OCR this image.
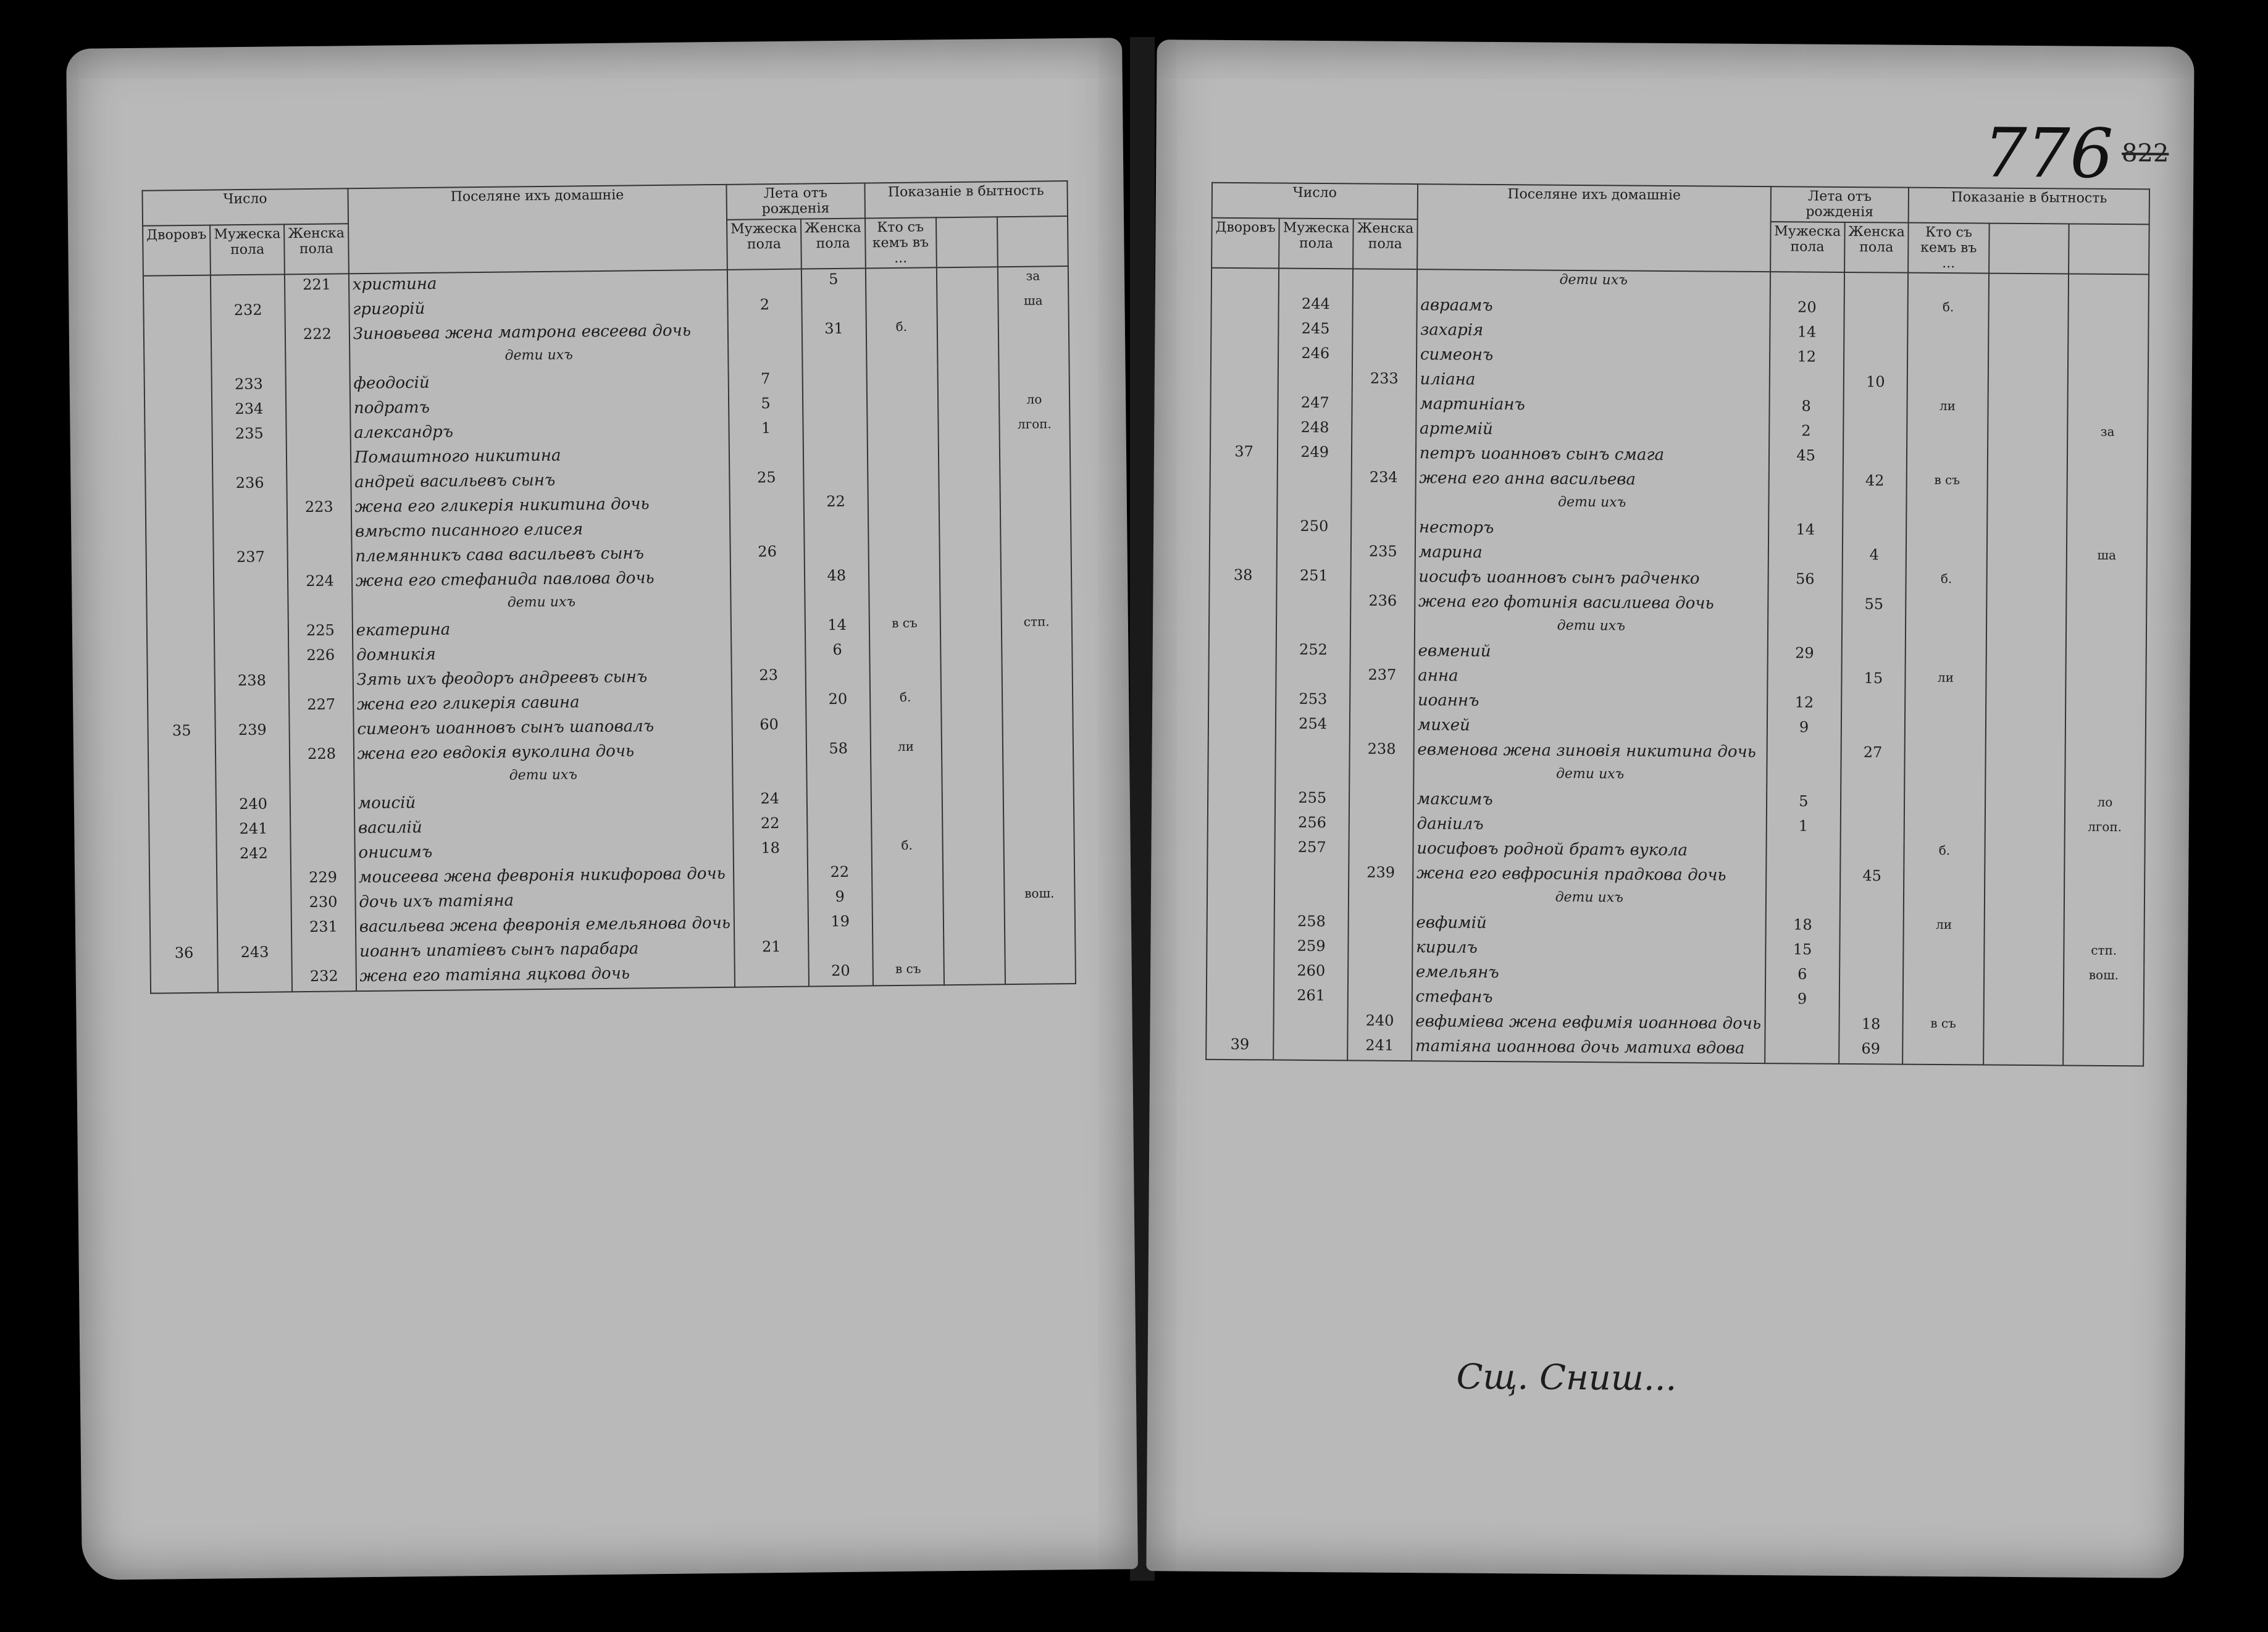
Число			Поселяне ихъ домашніе	Лета отъ рожденія		Показаніе в бытность		
Дворовъ	Мужеска пола	Женска пола		Мужеска пола	Женска пола	Кто съ кемъ въ ...		
		221	христина		5			за
	232		григорій	2				ша
		222	Зиновьева жена матрона евсеева дочь		31	б.		
			дети ихъ					
	233		феодосій	7				
	234		подратъ	5				ло
	235		александръ	1				лгоп.
			Помаштного никитина					
	236		андрей васильевъ сынъ	25				
		223	жена его гликерія никитина дочь		22			
			вмѣсто писанного елисея					
	237		племянникъ сава васильевъ сынъ	26				
		224	жена его стефанида павлова дочь		48			
			дети ихъ					
		225	екатерина		14	в съ		стп.
		226	домникія		6			
	238		Зять ихъ феодоръ андреевъ сынъ	23				
		227	жена его гликерія савина		20	б.		
35	239		симеонъ иоанновъ сынъ шаповалъ	60				
		228	жена его евдокія вуколина дочь		58	ли		
			дети ихъ					
	240		моисій	24				
	241		василій	22				
	242		онисимъ	18		б.		
		229	моисеева жена февронія никифорова дочь		22			
		230	дочь ихъ татіяна		9			вош.
		231	васильева жена февронія емельянова дочь		19			
36	243		иоаннъ ипатіевъ сынъ парабара	21				
		232	жена его татіяна яцкова дочь		20	в съ		
776 822
Число			Поселяне ихъ домашніе	Лета отъ рожденія		Показаніе в бытность		
Дворовъ	Мужеска пола	Женска пола		Мужеска пола	Женска пола	Кто съ кемъ въ ...		
			дети ихъ					
	244		авраамъ	20		б.		
	245		захарія	14				
	246		симеонъ	12				
		233	иліана		10			
	247		мартиніанъ	8		ли		
	248		артемій	2				за
37	249		петръ иоанновъ сынъ смага	45				
		234	жена его анна васильева		42	в съ		
			дети ихъ					
	250		несторъ	14				
		235	марина		4			ша
38	251		иосифъ иоанновъ сынъ радченко	56		б.		
		236	жена его фотинія василиева дочь		55			
			дети ихъ					
	252		евмений	29				
		237	анна		15	ли		
	253		иоаннъ	12				
	254		михей	9				
		238	евменова жена зиновія никитина дочь		27			
			дети ихъ					
	255		максимъ	5				ло
	256		даніилъ	1				лгоп.
	257		иосифовъ родной братъ вукола			б.		
		239	жена его евфросинія прадкова дочь		45			
			дети ихъ					
	258		евфимій	18		ли		
	259		кирилъ	15				стп.
	260		емельянъ	6				вош.
	261		стефанъ	9				
		240	евфиміева жена евфимія иоаннова дочь		18	в съ		
39		241	татіяна иоаннова дочь матиха вдова		69			
Сщ. Сниш...
